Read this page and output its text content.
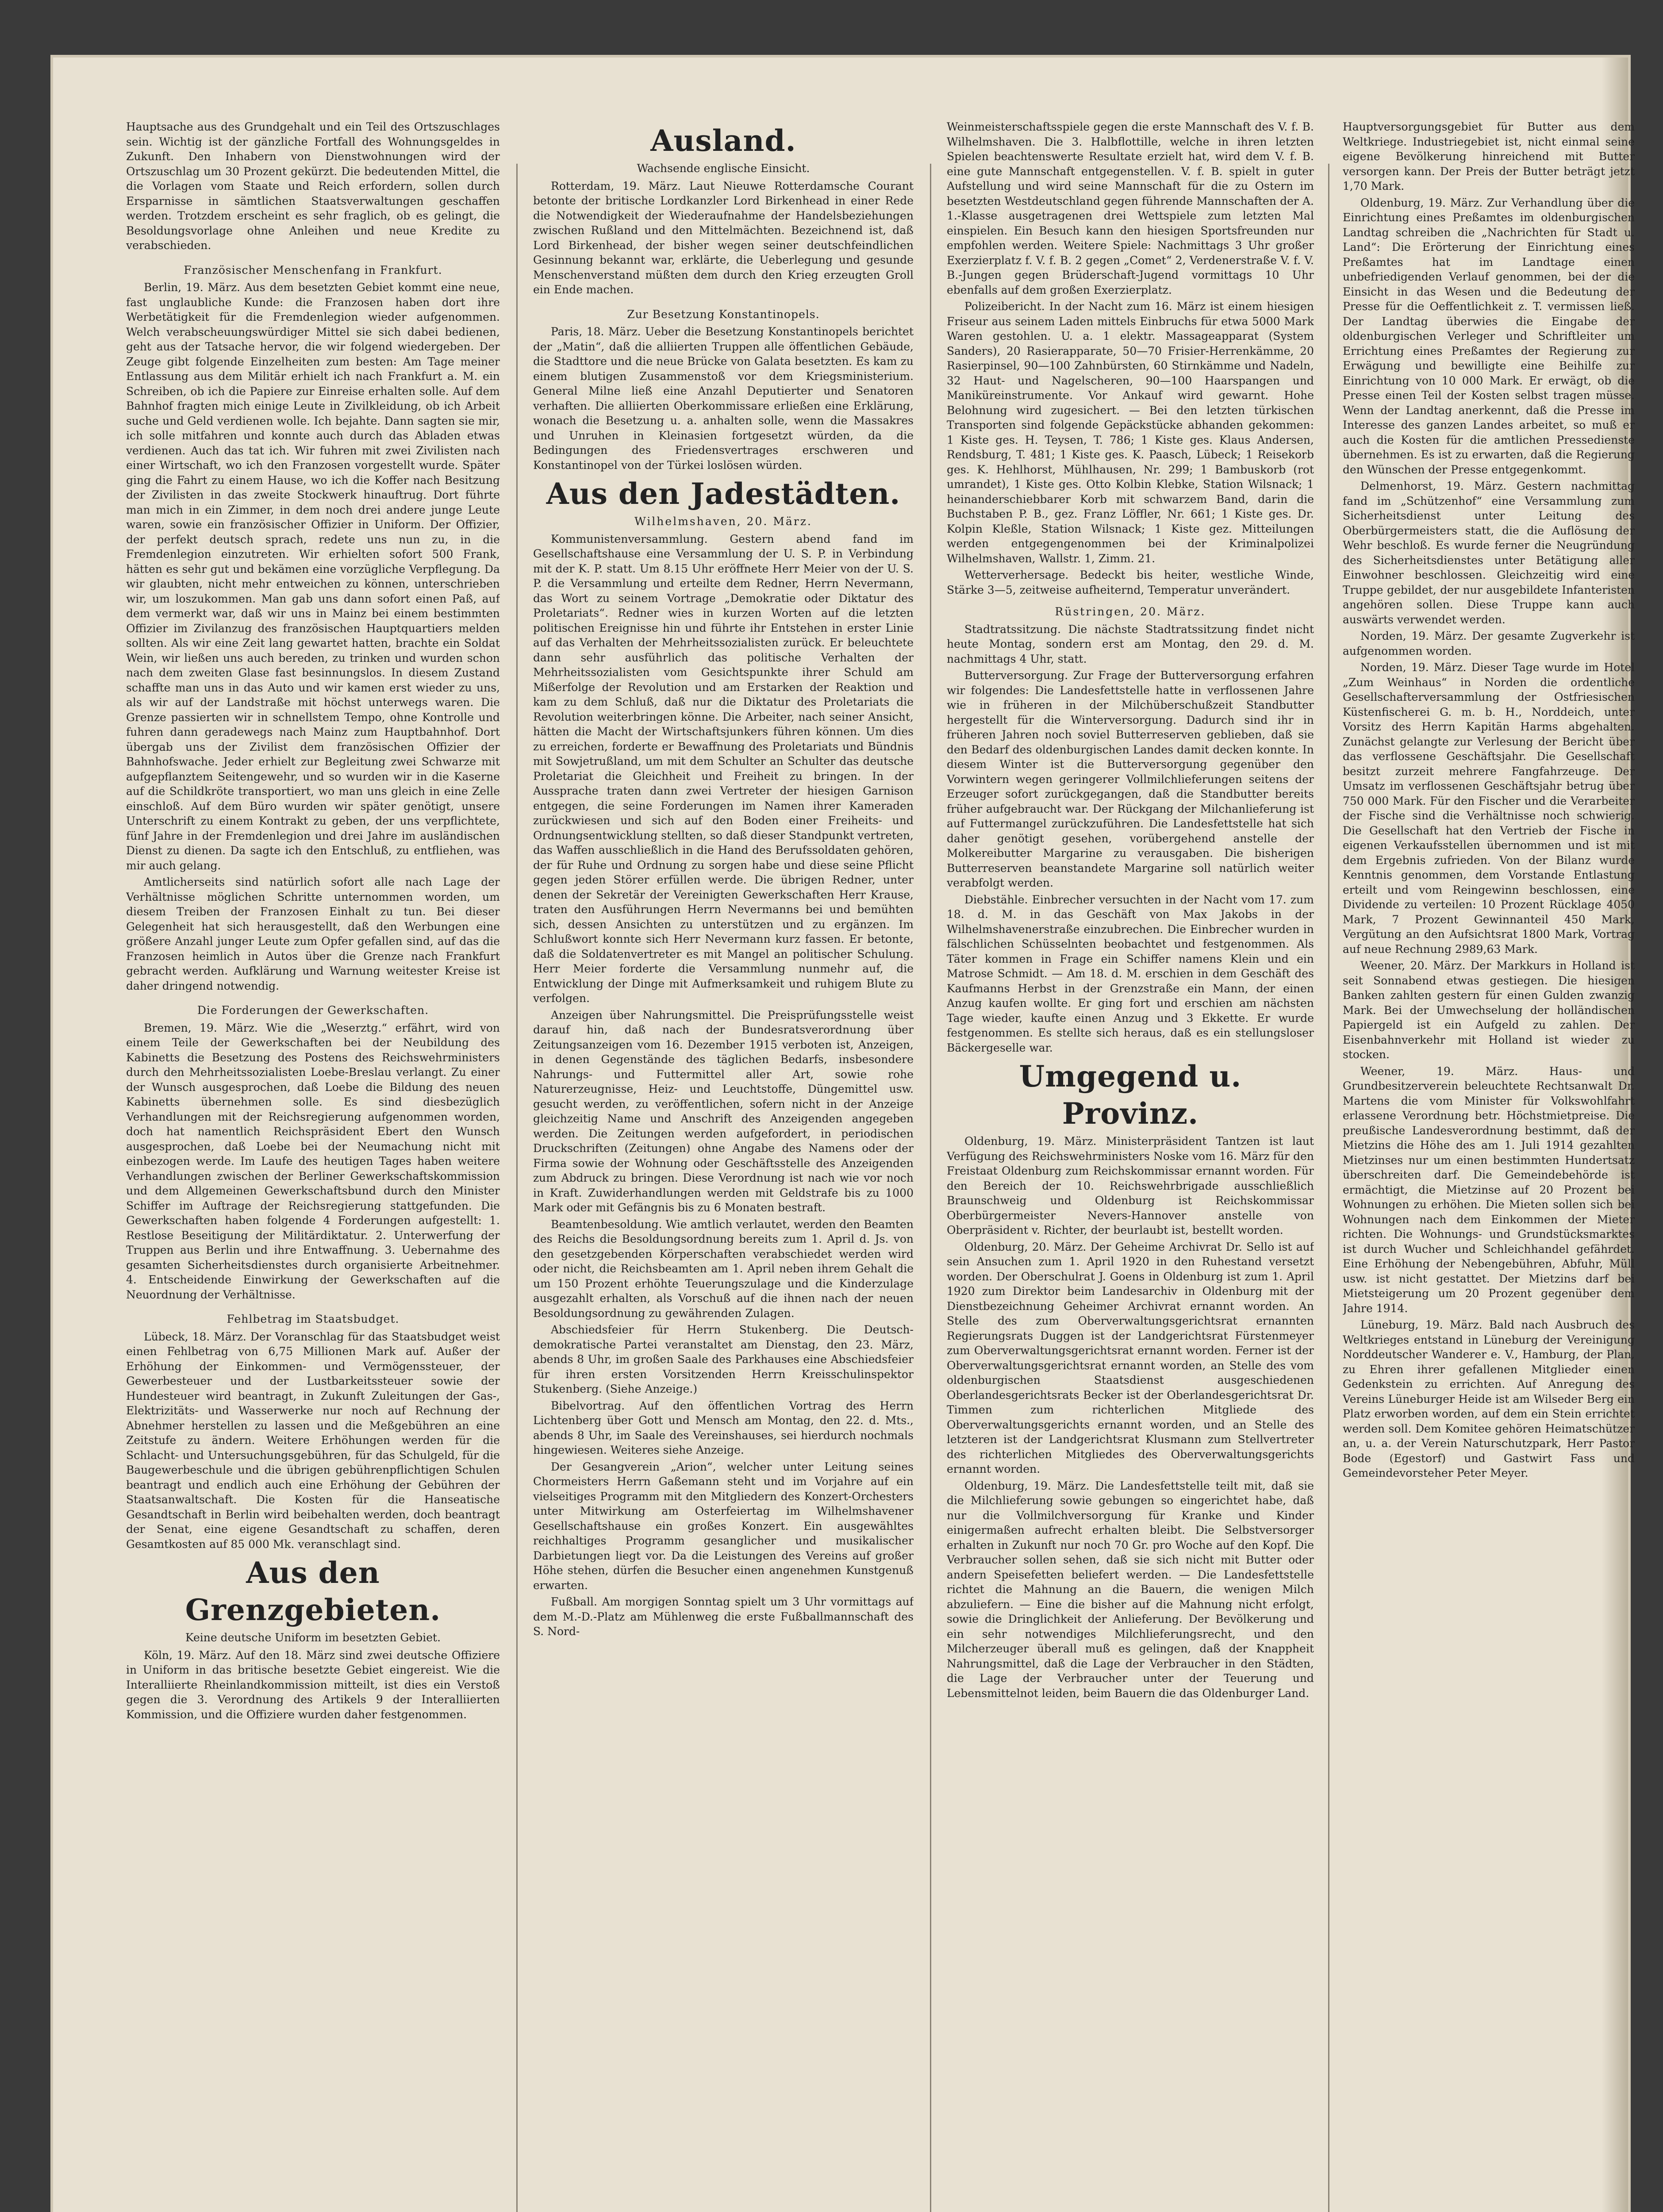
Hauptsache aus des Grundgehalt und ein Teil des Ortszuschlages sein. Wichtig ist der gänzliche Fortfall des Wohnungsgeldes in Zukunft. Den Inhabern von Dienstwohnungen wird der Ortszuschlag um 30 Prozent gekürzt. Die bedeutenden Mittel, die die Vorlagen vom Staate und Reich erfordern, sollen durch Ersparnisse in sämtlichen Staatsverwaltungen geschaffen werden. Trotzdem erscheint es sehr fraglich, ob es gelingt, die Besoldungsvorlage ohne Anleihen und neue Kredite zu verabschieden.

Französischer Menschenfang in Frankfurt.

Berlin, 19. März. Aus dem besetzten Gebiet kommt eine neue, fast unglaubliche Kunde: die Franzosen haben dort ihre Werbetätigkeit für die Fremdenlegion wieder aufgenommen. Welch verabscheuungswürdiger Mittel sie sich dabei bedienen, geht aus der Tatsache hervor, die wir folgend wiedergeben. Der Zeuge gibt folgende Einzelheiten zum besten: Am Tage meiner Entlassung aus dem Militär erhielt ich nach Frankfurt a. M. ein Schreiben, ob ich die Papiere zur Einreise erhalten solle. Auf dem Bahnhof fragten mich einige Leute in Zivilkleidung, ob ich Arbeit suche und Geld verdienen wolle. Ich bejahte. Dann sagten sie mir, ich solle mitfahren und konnte auch durch das Abladen etwas verdienen. Auch das tat ich. Wir fuhren mit zwei Zivilisten nach einer Wirtschaft, wo ich den Franzosen vorgestellt wurde. Später ging die Fahrt zu einem Hause, wo ich die Koffer nach Besitzung der Zivilisten in das zweite Stockwerk hinauftrug. Dort führte man mich in ein Zimmer, in dem noch drei andere junge Leute waren, sowie ein französischer Offizier in Uniform. Der Offizier, der perfekt deutsch sprach, redete uns nun zu, in die Fremdenlegion einzutreten. Wir erhielten sofort 500 Frank, hätten es sehr gut und bekämen eine vorzügliche Verpflegung. Da wir glaubten, nicht mehr entweichen zu können, unterschrieben wir, um loszukommen. Man gab uns dann sofort einen Paß, auf dem vermerkt war, daß wir uns in Mainz bei einem bestimmten Offizier im Zivilanzug des französischen Hauptquartiers melden sollten. Als wir eine Zeit lang gewartet hatten, brachte ein Soldat Wein, wir ließen uns auch bereden, zu trinken und wurden schon nach dem zweiten Glase fast besinnungslos. In diesem Zustand schaffte man uns in das Auto und wir kamen erst wieder zu uns, als wir auf der Landstraße mit höchst unterwegs waren. Die Grenze passierten wir in schnellstem Tempo, ohne Kontrolle und fuhren dann geradewegs nach Mainz zum Hauptbahnhof. Dort übergab uns der Zivilist dem französischen Offizier der Bahnhofswache. Jeder erhielt zur Begleitung zwei Schwarze mit aufgepflanztem Seitengewehr, und so wurden wir in die Kaserne auf die Schildkröte transportiert, wo man uns gleich in eine Zelle einschloß. Auf dem Büro wurden wir später genötigt, unsere Unterschrift zu einem Kontrakt zu geben, der uns verpflichtete, fünf Jahre in der Fremdenlegion und drei Jahre im ausländischen Dienst zu dienen. Da sagte ich den Entschluß, zu entfliehen, was mir auch gelang.

Amtlicherseits sind natürlich sofort alle nach Lage der Verhältnisse möglichen Schritte unternommen worden, um diesem Treiben der Franzosen Einhalt zu tun. Bei dieser Gelegenheit hat sich herausgestellt, daß den Werbungen eine größere Anzahl junger Leute zum Opfer gefallen sind, auf das die Franzosen heimlich in Autos über die Grenze nach Frankfurt gebracht werden. Aufklärung und Warnung weitester Kreise ist daher dringend notwendig.

Die Forderungen der Gewerkschaften.

Bremen, 19. März. Wie die „Weserztg.“ erfährt, wird von einem Teile der Gewerkschaften bei der Neubildung des Kabinetts die Besetzung des Postens des Reichswehrministers durch den Mehrheitssozialisten Loebe-Breslau verlangt. Zu einer der Wunsch ausgesprochen, daß Loebe die Bildung des neuen Kabinetts übernehmen solle. Es sind diesbezüglich Verhandlungen mit der Reichsregierung aufgenommen worden, doch hat namentlich Reichspräsident Ebert den Wunsch ausgesprochen, daß Loebe bei der Neumachung nicht mit einbezogen werde. Im Laufe des heutigen Tages haben weitere Verhandlungen zwischen der Berliner Gewerkschaftskommission und dem Allgemeinen Gewerkschaftsbund durch den Minister Schiffer im Auftrage der Reichsregierung stattgefunden. Die Gewerkschaften haben folgende 4 Forderungen aufgestellt: 1. Restlose Beseitigung der Militärdiktatur. 2. Unterwerfung der Truppen aus Berlin und ihre Entwaffnung. 3. Uebernahme des gesamten Sicherheitsdienstes durch organisierte Arbeitnehmer. 4. Entscheidende Einwirkung der Gewerkschaften auf die Neuordnung der Verhältnisse.

Fehlbetrag im Staatsbudget.

Lübeck, 18. März. Der Voranschlag für das Staatsbudget weist einen Fehlbetrag von 6,75 Millionen Mark auf. Außer der Erhöhung der Einkommen- und Vermögenssteuer, der Gewerbesteuer und der Lustbarkeitssteuer sowie der Hundesteuer wird beantragt, in Zukunft Zuleitungen der Gas-, Elektrizitäts- und Wasserwerke nur noch auf Rechnung der Abnehmer herstellen zu lassen und die Meßgebühren an eine Zeitstufe zu ändern. Weitere Erhöhungen werden für die Schlacht- und Untersuchungsgebühren, für das Schulgeld, für die Baugewerbeschule und die übrigen gebührenpflichtigen Schulen beantragt und endlich auch eine Erhöhung der Gebühren der Staatsanwaltschaft. Die Kosten für die Hanseatische Gesandtschaft in Berlin wird beibehalten werden, doch beantragt der Senat, eine eigene Gesandtschaft zu schaffen, deren Gesamtkosten auf 85 000 Mk. veranschlagt sind.

Aus den Grenzgebieten.
Keine deutsche Uniform im besetzten Gebiet.

Köln, 19. März. Auf den 18. März sind zwei deutsche Offiziere in Uniform in das britische besetzte Gebiet eingereist. Wie die Interalliierte Rheinlandkommission mitteilt, ist dies ein Verstoß gegen die 3. Verordnung des Artikels 9 der Interalliierten Kommission, und die Offiziere wurden daher festgenommen.

Ausland.
Wachsende englische Einsicht.

Rotterdam, 19. März. Laut Nieuwe Rotterdamsche Courant betonte der britische Lordkanzler Lord Birkenhead in einer Rede die Notwendigkeit der Wiederaufnahme der Handelsbeziehungen zwischen Rußland und den Mittelmächten. Bezeichnend ist, daß Lord Birkenhead, der bisher wegen seiner deutschfeindlichen Gesinnung bekannt war, erklärte, die Ueberlegung und gesunde Menschenverstand müßten dem durch den Krieg erzeugten Groll ein Ende machen.

Zur Besetzung Konstantinopels.

Paris, 18. März. Ueber die Besetzung Konstantinopels berichtet der „Matin“, daß die alliierten Truppen alle öffentlichen Gebäude, die Stadttore und die neue Brücke von Galata besetzten. Es kam zu einem blutigen Zusammenstoß vor dem Kriegsministerium. General Milne ließ eine Anzahl Deputierter und Senatoren verhaften. Die alliierten Oberkommissare erließen eine Erklärung, wonach die Besetzung u. a. anhalten solle, wenn die Massakres und Unruhen in Kleinasien fortgesetzt würden, da die Bedingungen des Friedensvertrages erschweren und Konstantinopel von der Türkei loslösen würden.

Aus den Jadestädten.
Wilhelmshaven, 20. März.

Kommunistenversammlung. Gestern abend fand im Gesellschaftshause eine Versammlung der U. S. P. in Verbindung mit der K. P. statt. Um 8.15 Uhr eröffnete Herr Meier von der U. S. P. die Versammlung und erteilte dem Redner, Herrn Nevermann, das Wort zu seinem Vortrage „Demokratie oder Diktatur des Proletariats“. Redner wies in kurzen Worten auf die letzten politischen Ereignisse hin und führte ihr Entstehen in erster Linie auf das Verhalten der Mehrheitssozialisten zurück. Er beleuchtete dann sehr ausführlich das politische Verhalten der Mehrheitssozialisten vom Gesichtspunkte ihrer Schuld am Mißerfolge der Revolution und am Erstarken der Reaktion und kam zu dem Schluß, daß nur die Diktatur des Proletariats die Revolution weiterbringen könne. Die Arbeiter, nach seiner Ansicht, hätten die Macht der Wirtschaftsjunkers führen können. Um dies zu erreichen, forderte er Bewaffnung des Proletariats und Bündnis mit Sowjetrußland, um mit dem Schulter an Schulter das deutsche Proletariat die Gleichheit und Freiheit zu bringen. In der Aussprache traten dann zwei Vertreter der hiesigen Garnison entgegen, die seine Forderungen im Namen ihrer Kameraden zurückwiesen und sich auf den Boden einer Freiheits- und Ordnungsentwicklung stellten, so daß dieser Standpunkt vertreten, das Waffen ausschließlich in die Hand des Berufssoldaten gehören, der für Ruhe und Ordnung zu sorgen habe und diese seine Pflicht gegen jeden Störer erfüllen werde. Die übrigen Redner, unter denen der Sekretär der Vereinigten Gewerkschaften Herr Krause, traten den Ausführungen Herrn Nevermanns bei und bemühten sich, dessen Ansichten zu unterstützen und zu ergänzen. Im Schlußwort konnte sich Herr Nevermann kurz fassen. Er betonte, daß die Soldatenvertreter es mit Mangel an politischer Schulung. Herr Meier forderte die Versammlung nunmehr auf, die Entwicklung der Dinge mit Aufmerksamkeit und ruhigem Blute zu verfolgen.

Anzeigen über Nahrungsmittel. Die Preisprüfungsstelle weist darauf hin, daß nach der Bundesratsverordnung über Zeitungsanzeigen vom 16. Dezember 1915 verboten ist, Anzeigen, in denen Gegenstände des täglichen Bedarfs, insbesondere Nahrungs- und Futtermittel aller Art, sowie rohe Naturerzeugnisse, Heiz- und Leuchtstoffe, Düngemittel usw. gesucht werden, zu veröffentlichen, sofern nicht in der Anzeige gleichzeitig Name und Anschrift des Anzeigenden angegeben werden. Die Zeitungen werden aufgefordert, in periodischen Druckschriften (Zeitungen) ohne Angabe des Namens oder der Firma sowie der Wohnung oder Geschäftsstelle des Anzeigenden zum Abdruck zu bringen. Diese Verordnung ist nach wie vor noch in Kraft. Zuwiderhandlungen werden mit Geldstrafe bis zu 1000 Mark oder mit Gefängnis bis zu 6 Monaten bestraft.

Beamtenbesoldung. Wie amtlich verlautet, werden den Beamten des Reichs die Besoldungsordnung bereits zum 1. April d. Js. von den gesetzgebenden Körperschaften verabschiedet werden wird oder nicht, die Reichsbeamten am 1. April neben ihrem Gehalt die um 150 Prozent erhöhte Teuerungszulage und die Kinderzulage ausgezahlt erhalten, als Vorschuß auf die ihnen nach der neuen Besoldungsordnung zu gewährenden Zulagen.

Abschiedsfeier für Herrn Stukenberg. Die Deutsch-demokratische Partei veranstaltet am Dienstag, den 23. März, abends 8 Uhr, im großen Saale des Parkhauses eine Abschiedsfeier für ihren ersten Vorsitzenden Herrn Kreisschulinspektor Stukenberg. (Siehe Anzeige.)

Bibelvortrag. Auf den öffentlichen Vortrag des Herrn Lichtenberg über Gott und Mensch am Montag, den 22. d. Mts., abends 8 Uhr, im Saale des Vereinshauses, sei hierdurch nochmals hingewiesen. Weiteres siehe Anzeige.

Der Gesangverein „Arion“, welcher unter Leitung seines Chormeisters Herrn Gaßemann steht und im Vorjahre auf ein vielseitiges Programm mit den Mitgliedern des Konzert-Orchesters unter Mitwirkung am Osterfeiertag im Wilhelmshavener Gesellschaftshause ein großes Konzert. Ein ausgewähltes reichhaltiges Programm gesanglicher und musikalischer Darbietungen liegt vor. Da die Leistungen des Vereins auf großer Höhe stehen, dürfen die Besucher einen angenehmen Kunstgenuß erwarten.

Fußball. Am morgigen Sonntag spielt um 3 Uhr vormittags auf dem M.-D.-Platz am Mühlenweg die erste Fußballmannschaft des S. Nord-

Weinmeisterschaftsspiele gegen die erste Mannschaft des V. f. B. Wilhelmshaven. Die 3. Halbflottille, welche in ihren letzten Spielen beachtenswerte Resultate erzielt hat, wird dem V. f. B. eine gute Mannschaft entgegenstellen. V. f. B. spielt in guter Aufstellung und wird seine Mannschaft für die zu Ostern im besetzten Westdeutschland gegen führende Mannschaften der A. 1.-Klasse ausgetragenen drei Wettspiele zum letzten Mal einspielen. Ein Besuch kann den hiesigen Sportsfreunden nur empfohlen werden. Weitere Spiele: Nachmittags 3 Uhr großer Exerzierplatz f. V. f. B. 2 gegen „Comet“ 2, Verdenerstraße V. f. V. B.-Jungen gegen Brüderschaft-Jugend vormittags 10 Uhr ebenfalls auf dem großen Exerzierplatz.

Polizeibericht. In der Nacht zum 16. März ist einem hiesigen Friseur aus seinem Laden mittels Einbruchs für etwa 5000 Mark Waren gestohlen. U. a. 1 elektr. Massageapparat (System Sanders), 20 Rasierapparate, 50—70 Frisier-Herrenkämme, 20 Rasierpinsel, 90—100 Zahnbürsten, 60 Stirnkämme und Nadeln, 32 Haut- und Nagelscheren, 90—100 Haarspangen und Maniküreinstrumente. Vor Ankauf wird gewarnt. Hohe Belohnung wird zugesichert. — Bei den letzten türkischen Transporten sind folgende Gepäckstücke abhanden gekommen: 1 Kiste ges. H. Teysen, T. 786; 1 Kiste ges. Klaus Andersen, Rendsburg, T. 481; 1 Kiste ges. K. Paasch, Lübeck; 1 Reisekorb ges. K. Hehlhorst, Mühlhausen, Nr. 299; 1 Bambuskorb (rot umrandet), 1 Kiste ges. Otto Kolbin Klebke, Station Wilsnack; 1 heinanderschiebbarer Korb mit schwarzem Band, darin die Buchstaben P. B., gez. Franz Löffler, Nr. 661; 1 Kiste ges. Dr. Kolpin Kleßle, Station Wilsnack; 1 Kiste gez. Mitteilungen werden entgegengenommen bei der Kriminalpolizei Wilhelmshaven, Wallstr. 1, Zimm. 21.

Wetterverhersage. Bedeckt bis heiter, westliche Winde, Stärke 3—5, zeitweise aufheiternd, Temperatur unverändert.

Rüstringen, 20. März.

Stadtratssitzung. Die nächste Stadtratssitzung findet nicht heute Montag, sondern erst am Montag, den 29. d. M. nachmittags 4 Uhr, statt.

Butterversorgung. Zur Frage der Butterversorgung erfahren wir folgendes: Die Landesfettstelle hatte in verflossenen Jahre wie in früheren in der Milchüberschußzeit Standbutter hergestellt für die Winterversorgung. Dadurch sind ihr in früheren Jahren noch soviel Butterreserven geblieben, daß sie den Bedarf des oldenburgischen Landes damit decken konnte. In diesem Winter ist die Butterversorgung gegenüber den Vorwintern wegen geringerer Vollmilchlieferungen seitens der Erzeuger sofort zurückgegangen, daß die Standbutter bereits früher aufgebraucht war. Der Rückgang der Milchanlieferung ist auf Futtermangel zurückzuführen. Die Landesfettstelle hat sich daher genötigt gesehen, vorübergehend anstelle der Molkereibutter Margarine zu verausgaben. Die bisherigen Butterreserven beanstandete Margarine soll natürlich weiter verabfolgt werden.

Diebstähle. Einbrecher versuchten in der Nacht vom 17. zum 18. d. M. in das Geschäft von Max Jakobs in der Wilhelmshavenerstraße einzubrechen. Die Einbrecher wurden in fälschlichen Schüsselnten beobachtet und festgenommen. Als Täter kommen in Frage ein Schiffer namens Klein und ein Matrose Schmidt. — Am 18. d. M. erschien in dem Geschäft des Kaufmanns Herbst in der Grenzstraße ein Mann, der einen Anzug kaufen wollte. Er ging fort und erschien am nächsten Tage wieder, kaufte einen Anzug und 3 Ekkette. Er wurde festgenommen. Es stellte sich heraus, daß es ein stellungsloser Bäckergeselle war.

Umgegend u. Provinz.

Oldenburg, 19. März. Ministerpräsident Tantzen ist laut Verfügung des Reichswehrministers Noske vom 16. März für den Freistaat Oldenburg zum Reichskommissar ernannt worden. Für den Bereich der 10. Reichswehrbrigade ausschließlich Braunschweig und Oldenburg ist Reichskommissar Oberbürgermeister Nevers-Hannover anstelle von Oberpräsident v. Richter, der beurlaubt ist, bestellt worden.

Oldenburg, 20. März. Der Geheime Archivrat Dr. Sello ist auf sein Ansuchen zum 1. April 1920 in den Ruhestand versetzt worden. Der Oberschulrat J. Goens in Oldenburg ist zum 1. April 1920 zum Direktor beim Landesarchiv in Oldenburg mit der Dienstbezeichnung Geheimer Archivrat ernannt worden. An Stelle des zum Oberverwaltungsgerichtsrat ernannten Regierungsrats Duggen ist der Landgerichtsrat Fürstenmeyer zum Oberverwaltungsgerichtsrat ernannt worden. Ferner ist der Oberverwaltungsgerichtsrat ernannt worden, an Stelle des vom oldenburgischen Staatsdienst ausgeschiedenen Oberlandesgerichtsrats Becker ist der Oberlandesgerichtsrat Dr. Timmen zum richterlichen Mitgliede des Oberverwaltungsgerichts ernannt worden, und an Stelle des letzteren ist der Landgerichtsrat Klusmann zum Stellvertreter des richterlichen Mitgliedes des Oberverwaltungsgerichts ernannt worden.

Oldenburg, 19. März. Die Landesfettstelle teilt mit, daß sie die Milchlieferung sowie gebungen so eingerichtet habe, daß nur die Vollmilchversorgung für Kranke und Kinder einigermaßen aufrecht erhalten bleibt. Die Selbstversorger erhalten in Zukunft nur noch 70 Gr. pro Woche auf den Kopf. Die Verbraucher sollen sehen, daß sie sich nicht mit Butter oder andern Speisefetten beliefert werden. — Die Landesfettstelle richtet die Mahnung an die Bauern, die wenigen Milch abzuliefern. — Eine die bisher auf die Mahnung nicht erfolgt, sowie die Dringlichkeit der Anlieferung. Der Bevölkerung und ein sehr notwendiges Milchlieferungsrecht, und den Milcherzeuger überall muß es gelingen, daß der Knappheit Nahrungsmittel, daß die Lage der Verbraucher in den Städten, die Lage der Verbraucher unter der Teuerung und Lebensmittelnot leiden, beim Bauern die das Oldenburger Land.

Hauptversorgungsgebiet für Butter aus dem Weltkriege. Industriegebiet ist, nicht einmal seine eigene Bevölkerung hinreichend mit Butter versorgen kann. Der Preis der Butter beträgt jetzt 1,70 Mark.

Oldenburg, 19. März. Zur Verhandlung über die Einrichtung eines Preßamtes im oldenburgischen Landtag schreiben die „Nachrichten für Stadt u. Land“: Die Erörterung der Einrichtung eines Preßamtes hat im Landtage einen unbefriedigenden Verlauf genommen, bei der die Einsicht in das Wesen und die Bedeutung der Presse für die Oeffentlichkeit z. T. vermissen ließ. Der Landtag überwies die Eingabe der oldenburgischen Verleger und Schriftleiter um Errichtung eines Preßamtes der Regierung zur Erwägung und bewilligte eine Beihilfe zur Einrichtung von 10 000 Mark. Er erwägt, ob die Presse einen Teil der Kosten selbst tragen müsse. Wenn der Landtag anerkennt, daß die Presse im Interesse des ganzen Landes arbeitet, so muß er auch die Kosten für die amtlichen Pressedienste übernehmen. Es ist zu erwarten, daß die Regierung den Wünschen der Presse entgegenkommt.

Delmenhorst, 19. März. Gestern nachmittag fand im „Schützenhof“ eine Versammlung zum Sicherheitsdienst unter Leitung des Oberbürgermeisters statt, die die Auflösung der Wehr beschloß. Es wurde ferner die Neugründung des Sicherheitsdienstes unter Betätigung aller Einwohner beschlossen. Gleichzeitig wird eine Truppe gebildet, der nur ausgebildete Infanteristen angehören sollen. Diese Truppe kann auch auswärts verwendet werden.

Norden, 19. März. Der gesamte Zugverkehr ist aufgenommen worden.

Norden, 19. März. Dieser Tage wurde im Hotel „Zum Weinhaus“ in Norden die ordentliche Gesellschafterversammlung der Ostfriesischen Küstenfischerei G. m. b. H., Norddeich, unter Vorsitz des Herrn Kapitän Harms abgehalten. Zunächst gelangte zur Verlesung der Bericht über das verflossene Geschäftsjahr. Die Gesellschaft besitzt zurzeit mehrere Fangfahrzeuge. Der Umsatz im verflossenen Geschäftsjahr betrug über 750 000 Mark. Für den Fischer und die Verarbeiter der Fische sind die Verhältnisse noch schwierig. Die Gesellschaft hat den Vertrieb der Fische in eigenen Verkaufsstellen übernommen und ist mit dem Ergebnis zufrieden. Von der Bilanz wurde Kenntnis genommen, dem Vorstande Entlastung erteilt und vom Reingewinn beschlossen, eine Dividende zu verteilen: 10 Prozent Rücklage 4050 Mark, 7 Prozent Gewinnanteil 450 Mark, Vergütung an den Aufsichtsrat 1800 Mark, Vortrag auf neue Rechnung 2989,63 Mark.

Weener, 20. März. Der Markkurs in Holland ist seit Sonnabend etwas gestiegen. Die hiesigen Banken zahlten gestern für einen Gulden zwanzig Mark. Bei der Umwechselung der holländischen Papiergeld ist ein Aufgeld zu zahlen. Der Eisenbahnverkehr mit Holland ist wieder zu stocken.

Weener, 19. März. Haus- und Grundbesitzerverein beleuchtete Rechtsanwalt Dr. Martens die vom Minister für Volkswohlfahrt erlassene Verordnung betr. Höchstmietpreise. Die preußische Landesverordnung bestimmt, daß der Mietzins die Höhe des am 1. Juli 1914 gezahlten Mietzinses nur um einen bestimmten Hundertsatz überschreiten darf. Die Gemeindebehörde ist ermächtigt, die Mietzinse auf 20 Prozent bei Wohnungen zu erhöhen. Die Mieten sollen sich bei Wohnungen nach dem Einkommen der Mieter richten. Die Wohnungs- und Grundstücksmarktes ist durch Wucher und Schleichhandel gefährdet. Eine Erhöhung der Nebengebühren, Abfuhr, Müll usw. ist nicht gestattet. Der Mietzins darf bei Mietsteigerung um 20 Prozent gegenüber dem Jahre 1914.

Lüneburg, 19. März. Bald nach Ausbruch des Weltkrieges entstand in Lüneburg der Vereinigung Norddeutscher Wanderer e. V., Hamburg, der Plan, zu Ehren ihrer gefallenen Mitglieder einen Gedenkstein zu errichten. Auf Anregung des Vereins Lüneburger Heide ist am Wilseder Berg ein Platz erworben worden, auf dem ein Stein errichtet werden soll. Dem Komitee gehören Heimatschützer an, u. a. der Verein Naturschutzpark, Herr Pastor Bode (Egestorf) und Gastwirt Fass und Gemeindevorsteher Peter Meyer.
